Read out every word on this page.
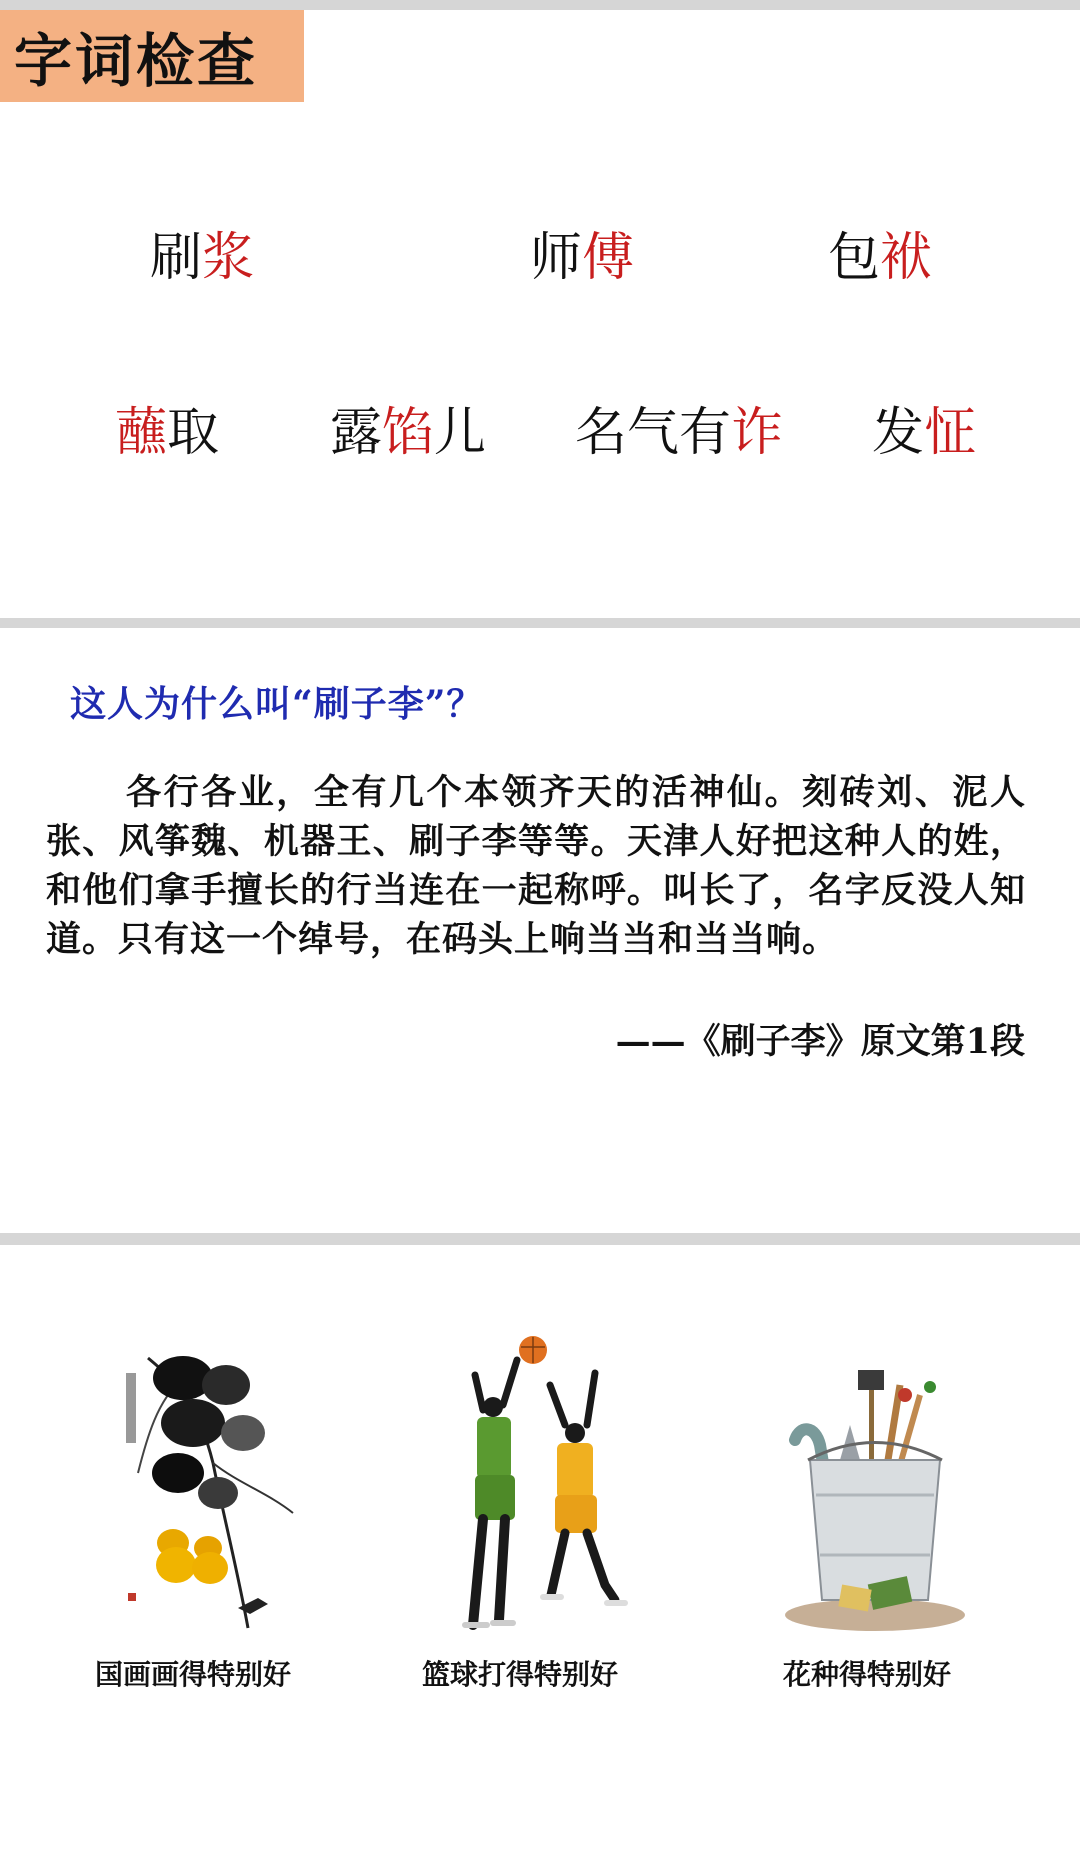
字词检查
刷浆	师傅	包袱
蘸取 露馅儿 名气有诈 发怔
这人为什么叫“刷子李”？
各行各业，全有几个本领齐天的活神仙。刻砖刘、泥人张、风筝魏、机器王、刷子李等等。天津人好把这种人的姓，和他们拿手擅长的行当连在一起称呼。叫长了，名字反没人知道。只有这一个绰号，在码头上响当当和当当响。
——《刷子李》原文第1段
国画画得特别好	篮球打得特别好	花种得特别好
